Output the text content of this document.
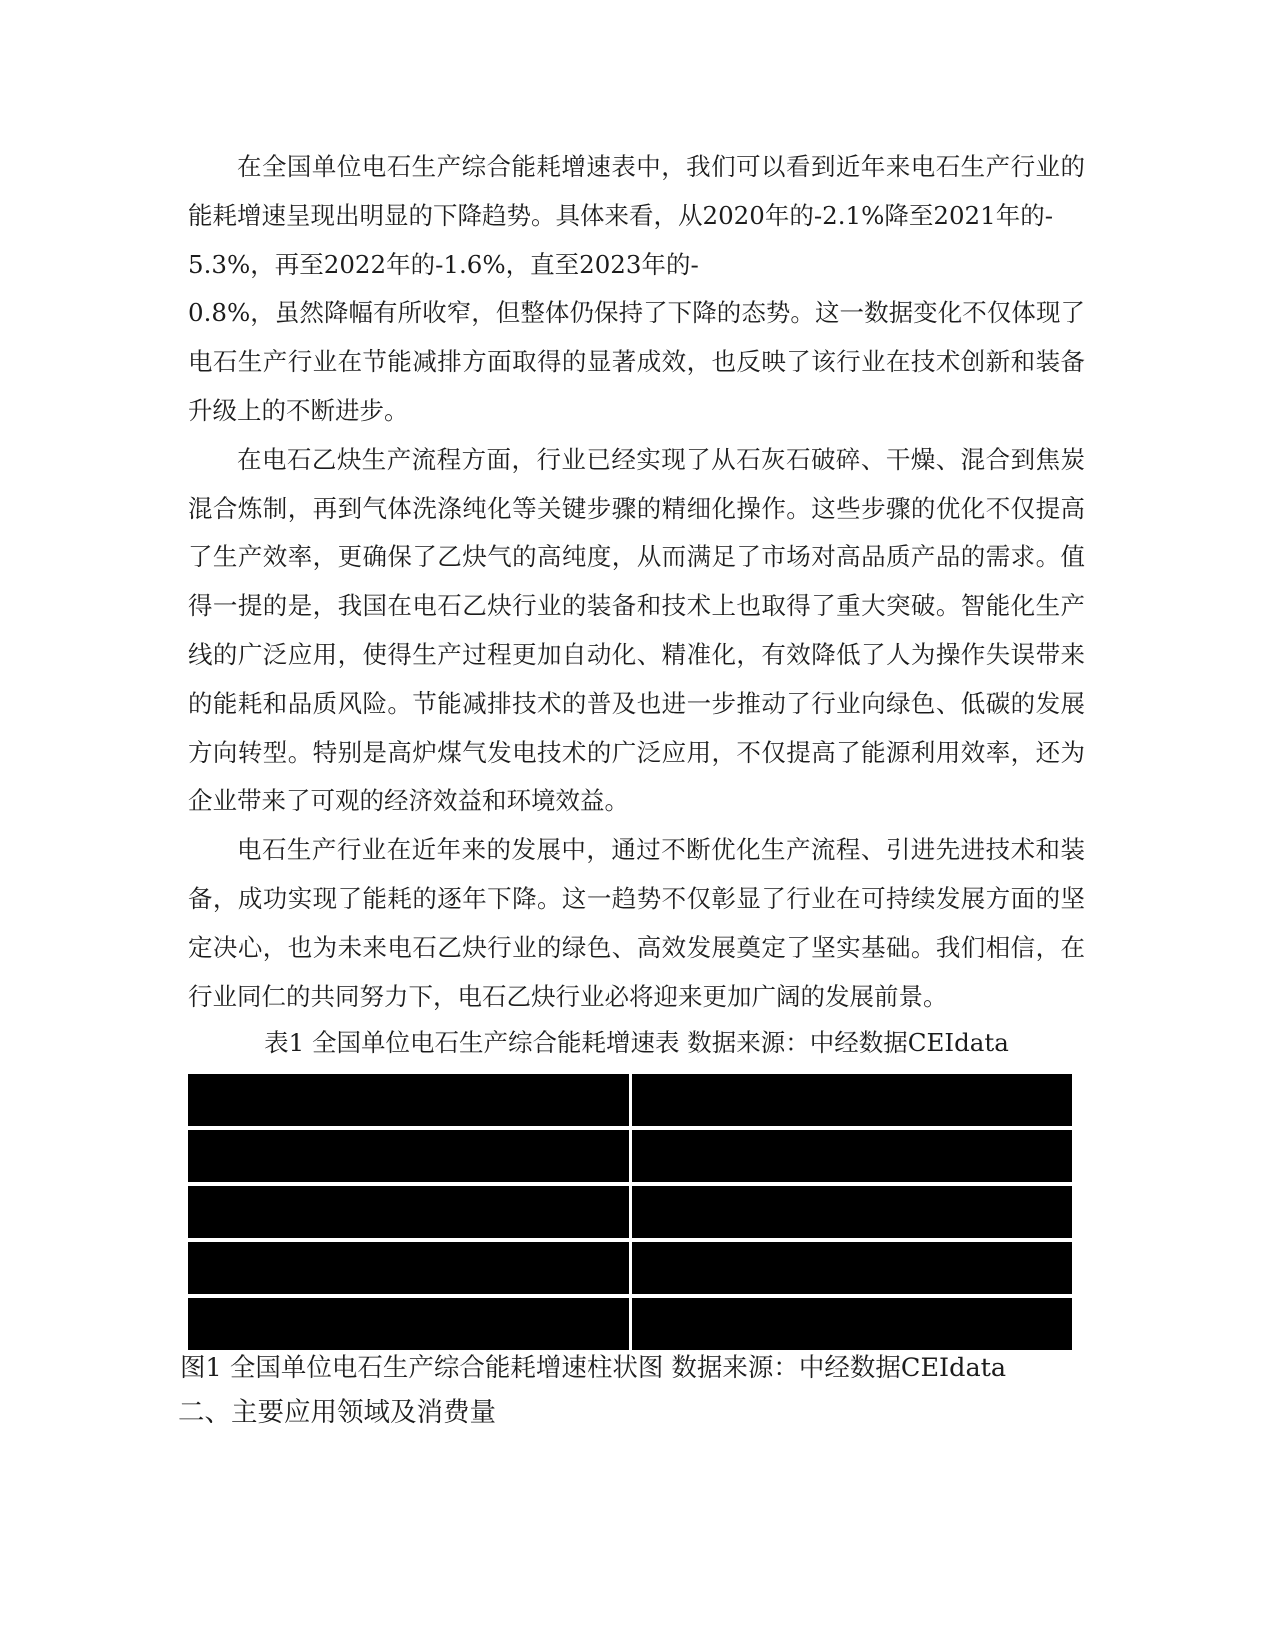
在全国单位电石生产综合能耗增速表中，我们可以看到近年来电石生产行业的
能耗增速呈现出明显的下降趋势。具体来看，从2020年的-2.1%降至2021年的-
5.3%，再至2022年的-1.6%，直至2023年的-
0.8%，虽然降幅有所收窄，但整体仍保持了下降的态势。这一数据变化不仅体现了
电石生产行业在节能减排方面取得的显著成效，也反映了该行业在技术创新和装备
升级上的不断进步。
在电石乙炔生产流程方面，行业已经实现了从石灰石破碎、干燥、混合到焦炭
混合炼制，再到气体洗涤纯化等关键步骤的精细化操作。这些步骤的优化不仅提高
了生产效率，更确保了乙炔气的高纯度，从而满足了市场对高品质产品的需求。值
得一提的是，我国在电石乙炔行业的装备和技术上也取得了重大突破。智能化生产
线的广泛应用，使得生产过程更加自动化、精准化，有效降低了人为操作失误带来
的能耗和品质风险。节能减排技术的普及也进一步推动了行业向绿色、低碳的发展
方向转型。特别是高炉煤气发电技术的广泛应用，不仅提高了能源利用效率，还为
企业带来了可观的经济效益和环境效益。
电石生产行业在近年来的发展中，通过不断优化生产流程、引进先进技术和装
备，成功实现了能耗的逐年下降。这一趋势不仅彰显了行业在可持续发展方面的坚
定决心，也为未来电石乙炔行业的绿色、高效发展奠定了坚实基础。我们相信，在
行业同仁的共同努力下，电石乙炔行业必将迎来更加广阔的发展前景。
表1 全国单位电石生产综合能耗增速表 数据来源：中经数据CEIdata
图1 全国单位电石生产综合能耗增速柱状图 数据来源：中经数据CEIdata
二、主要应用领域及消费量
